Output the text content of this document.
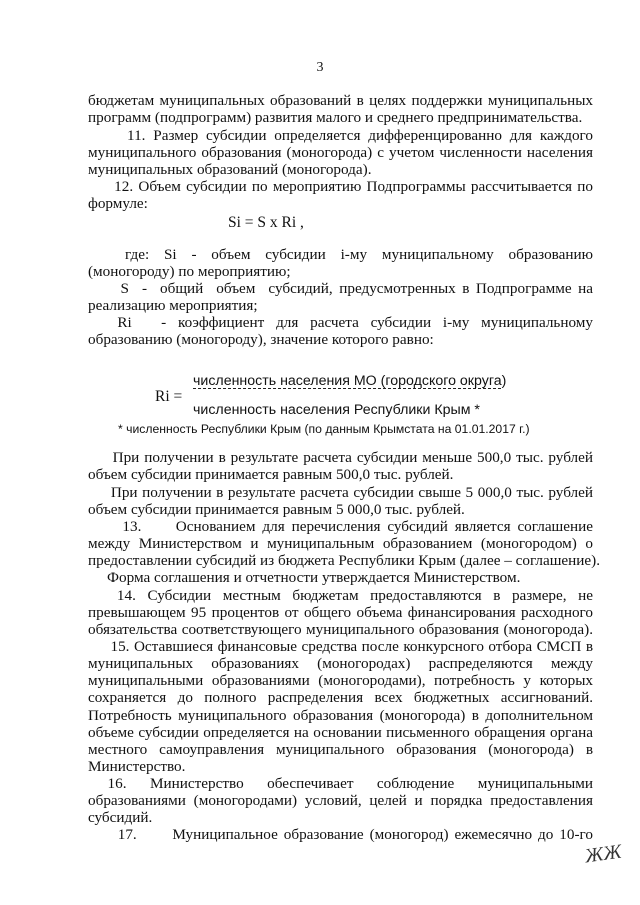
3
бюджетам муниципальных образований в целях поддержки муниципальных
программ (подпрограмм) развития малого и среднего предпринимательства.
11. Размер субсидии определяется дифференцированно для каждого
муниципального образования (моногорода) с учетом численности населения
муниципальных образований (моногорода).
12. Объем субсидии по мероприятию Подпрограммы рассчитывается по
формуле:
Si = S x Ri ,
где:  Si  -  объем  субсидии  i-му  муниципальному  образованию
(моногороду) по мероприятию;
S  -  общий  объем  субсидий, предусмотренных в Подпрограмме на
реализацию мероприятия;
Ri     -  коэффициент  для  расчета  субсидии  i-му  муниципальному
образованию (моногороду), значение которого равно:
Ri =
численность населения МО (городского округа)
численность населения Республики Крым *
* численность Республики Крым (по данным Крымстата на 01.01.2017 г.)
При получении в результате расчета субсидии меньше 500,0 тыс. рублей
объем субсидии принимается равным 500,0 тыс. рублей.
При получении в результате расчета субсидии свыше 5 000,0 тыс. рублей
объем субсидии принимается равным 5 000,0 тыс. рублей.
13.     Основанием для перечисления субсидий является соглашение
между Министерством и муниципальным образованием (моногородом) о
предоставлении субсидий из бюджета Республики Крым (далее – соглашение).
Форма соглашения и отчетности утверждается Министерством.
14.  Субсидии  местным  бюджетам  предоставляются  в  размере,  не
превышающем 95 процентов от общего объема финансирования расходного
обязательства соответствующего муниципального образования (моногорода).
15. Оставшиеся финансовые средства после конкурсного отбора СМСП в
муниципальных   образованиях   (моногородах)   распределяются   между
муниципальными образованиями (моногородами), потребность у которых
сохраняется до полного распределения всех бюджетных ассигнований.
Потребность муниципального образования (моногорода) в дополнительном
объеме субсидии определяется на основании письменного обращения органа
местного  самоуправления  муниципального  образования  (моногорода)  в
Министерство.
16.      Министерство      обеспечивает      соблюдение      муниципальными
образованиями (моногородами) условий, целей и порядка предоставления
субсидий.
17.      Муниципальное образование (моногород) ежемесячно до 10-го
ЖЖ
